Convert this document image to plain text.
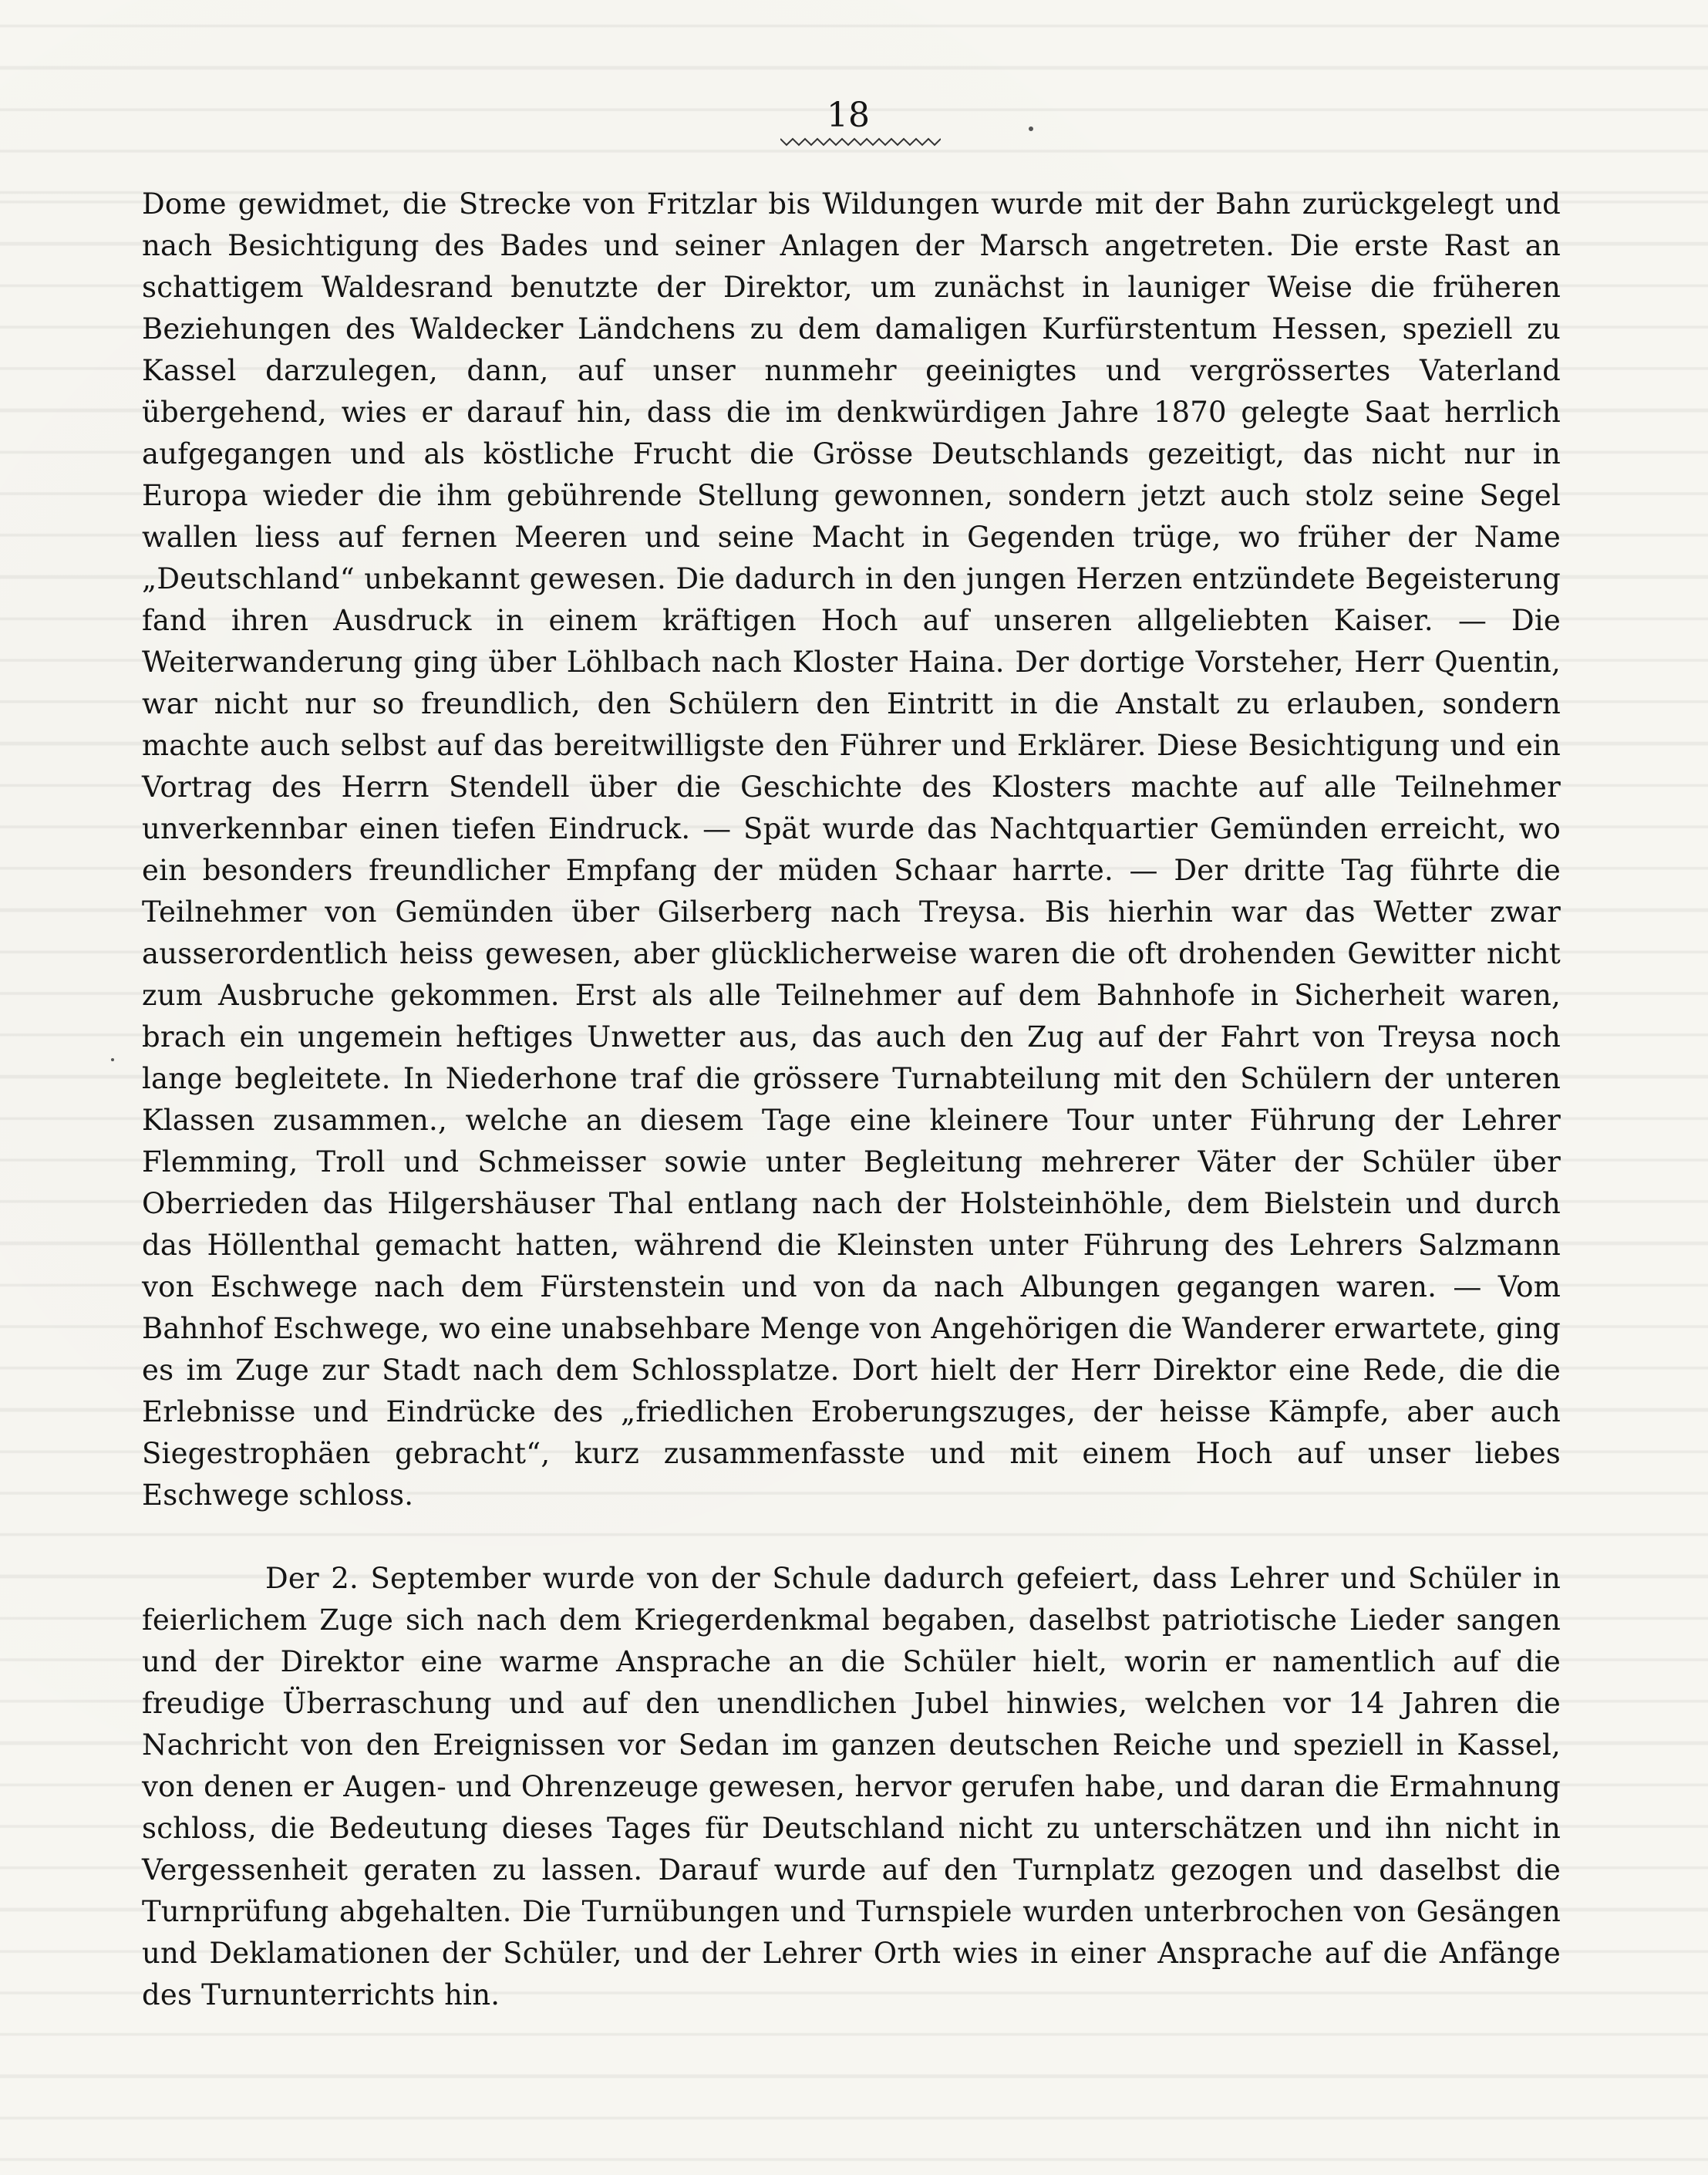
18

Dome gewidmet, die Strecke von Fritzlar bis Wildungen wurde mit der Bahn zurückgelegt und nach Besichtigung des Bades und seiner Anlagen der Marsch angetreten. Die erste Rast an schattigem Waldesrand benutzte der Direktor, um zunächst in launiger Weise die früheren Beziehungen des Waldecker Ländchens zu dem damaligen Kurfürstentum Hessen, speziell zu Kassel darzulegen, dann, auf unser nunmehr geeinigtes und vergrössertes Vaterland übergehend, wies er darauf hin, dass die im denkwürdigen Jahre 1870 gelegte Saat herrlich aufgegangen und als köstliche Frucht die Grösse Deutschlands gezeitigt, das nicht nur in Europa wieder die ihm gebührende Stellung gewonnen, sondern jetzt auch stolz seine Segel wallen liess auf fernen Meeren und seine Macht in Gegenden trüge, wo früher der Name „Deutschland“ unbekannt gewesen. Die dadurch in den jungen Herzen entzündete Begeisterung fand ihren Ausdruck in einem kräftigen Hoch auf unseren allgeliebten Kaiser. — Die Weiterwanderung ging über Löhlbach nach Kloster Haina. Der dortige Vorsteher, Herr Quentin, war nicht nur so freundlich, den Schülern den Eintritt in die Anstalt zu erlauben, sondern machte auch selbst auf das bereitwilligste den Führer und Erklärer. Diese Besichtigung und ein Vortrag des Herrn Stendell über die Geschichte des Klosters machte auf alle Teilnehmer unverkennbar einen tiefen Eindruck. — Spät wurde das Nachtquartier Gemünden erreicht, wo ein besonders freundlicher Empfang der müden Schaar harrte. — Der dritte Tag führte die Teilnehmer von Gemünden über Gilserberg nach Treysa. Bis hierhin war das Wetter zwar ausserordentlich heiss gewesen, aber glücklicherweise waren die oft drohenden Gewitter nicht zum Ausbruche gekommen. Erst als alle Teilnehmer auf dem Bahnhofe in Sicherheit waren, brach ein ungemein heftiges Unwetter aus, das auch den Zug auf der Fahrt von Treysa noch lange begleitete. In Niederhone traf die grössere Turnabteilung mit den Schülern der unteren Klassen zusammen., welche an diesem Tage eine kleinere Tour unter Führung der Lehrer Flemming, Troll und Schmeisser sowie unter Begleitung mehrerer Väter der Schüler über Oberrieden das Hilgershäuser Thal entlang nach der Holsteinhöhle, dem Bielstein und durch das Höllenthal gemacht hatten, während die Kleinsten unter Führung des Lehrers Salzmann von Eschwege nach dem Fürstenstein und von da nach Albungen gegangen waren. — Vom Bahnhof Eschwege, wo eine unabsehbare Menge von Angehörigen die Wanderer erwartete, ging es im Zuge zur Stadt nach dem Schlossplatze. Dort hielt der Herr Direktor eine Rede, die die Erlebnisse und Eindrücke des „friedlichen Eroberungszuges, der heisse Kämpfe, aber auch Siegestrophäen gebracht“, kurz zusammenfasste und mit einem Hoch auf unser liebes Eschwege schloss.

Der 2. September wurde von der Schule dadurch gefeiert, dass Lehrer und Schüler in feierlichem Zuge sich nach dem Kriegerdenkmal begaben, daselbst patriotische Lieder sangen und der Direktor eine warme Ansprache an die Schüler hielt, worin er namentlich auf die freudige Überraschung und auf den unendlichen Jubel hinwies, welchen vor 14 Jahren die Nachricht von den Ereignissen vor Sedan im ganzen deutschen Reiche und speziell in Kassel, von denen er Augen- und Ohrenzeuge gewesen, hervor gerufen habe, und daran die Ermahnung schloss, die Bedeutung dieses Tages für Deutschland nicht zu unterschätzen und ihn nicht in Vergessenheit geraten zu lassen. Darauf wurde auf den Turnplatz gezogen und daselbst die Turnprüfung abgehalten. Die Turnübungen und Turnspiele wurden unterbrochen von Gesängen und Deklamationen der Schüler, und der Lehrer Orth wies in einer Ansprache auf die Anfänge des Turnunterrichts hin.
